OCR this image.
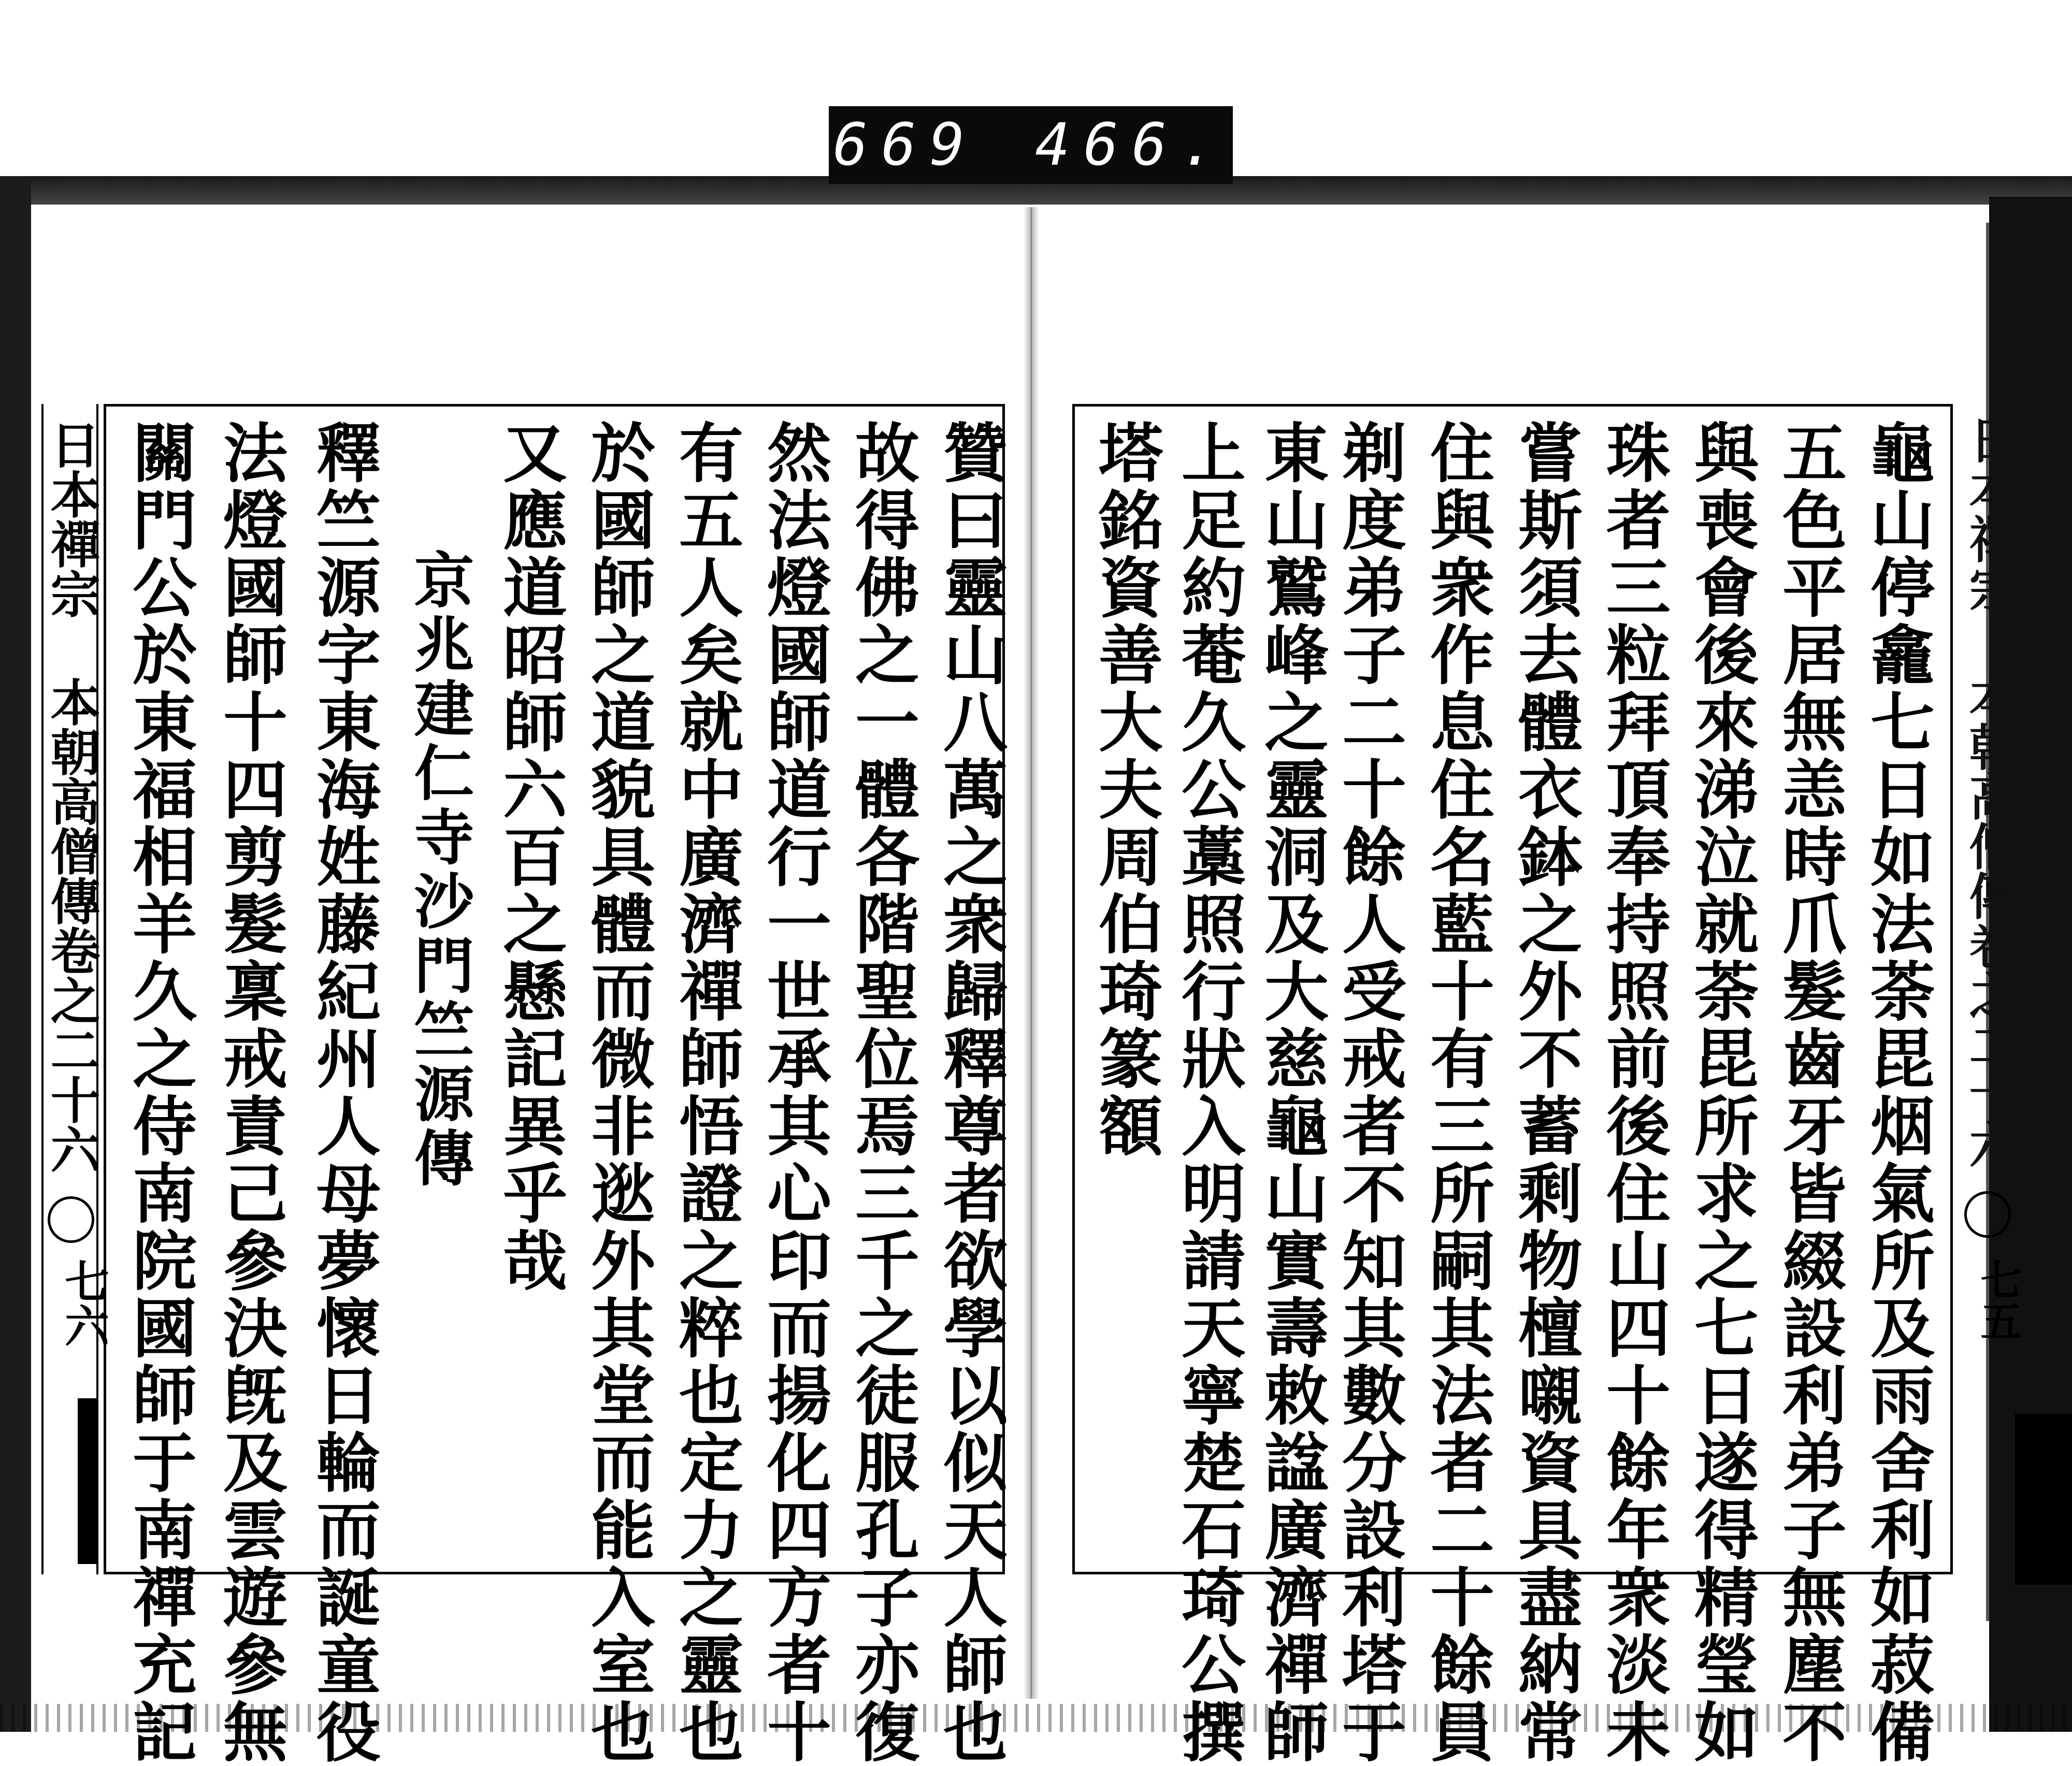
669 466.
日本禪宗 本朝高僧傳卷之二十六
七六	贊曰靈山八萬之衆歸釋尊者欲學以似天人師也
故得佛之一體各階聖位焉三千之徒服孔子亦復
然法燈國師道行一世承其心印而揚化四方者十
有五人矣就中廣濟禪師悟證之粹也定力之靈也
於國師之道貌具體而微非逖外其堂而能入室也
又應道昭師六百之懸記異乎哉
京兆建仁寺沙門竺源傳
釋竺源字東海姓藤紀州人母夢懷日輪而誕童役
法燈國師十四剪髮稟戒責己參決旣及雲遊參無
關門公於東福相羊久之侍南院國師于南禪充記	龜山停龕七日如法荼毘烟氣所及雨舍利如菽備
五色平居無恙時爪髮齒牙皆綴設利弟子無塵不
與喪會後來涕泣就荼毘所求之七日遂得精瑩如
珠者三粒拜頂奉持照前後住山四十餘年衆淡未
嘗斯須去體衣鉢之外不蓄剩物檀嚫資具盡納常
住與衆作息住名藍十有三所嗣其法者二十餘員
剃度弟子二十餘人受戒者不知其數分設利塔于
東山鷲峰之靈洞及大慈龜山實壽敕諡廣濟禪師
上足約菴久公藁照行狀入明請天寧楚石琦公撰
塔銘資善大夫周伯琦篆額	日本禪宗 本朝高僧傳卷之二十六
七五
